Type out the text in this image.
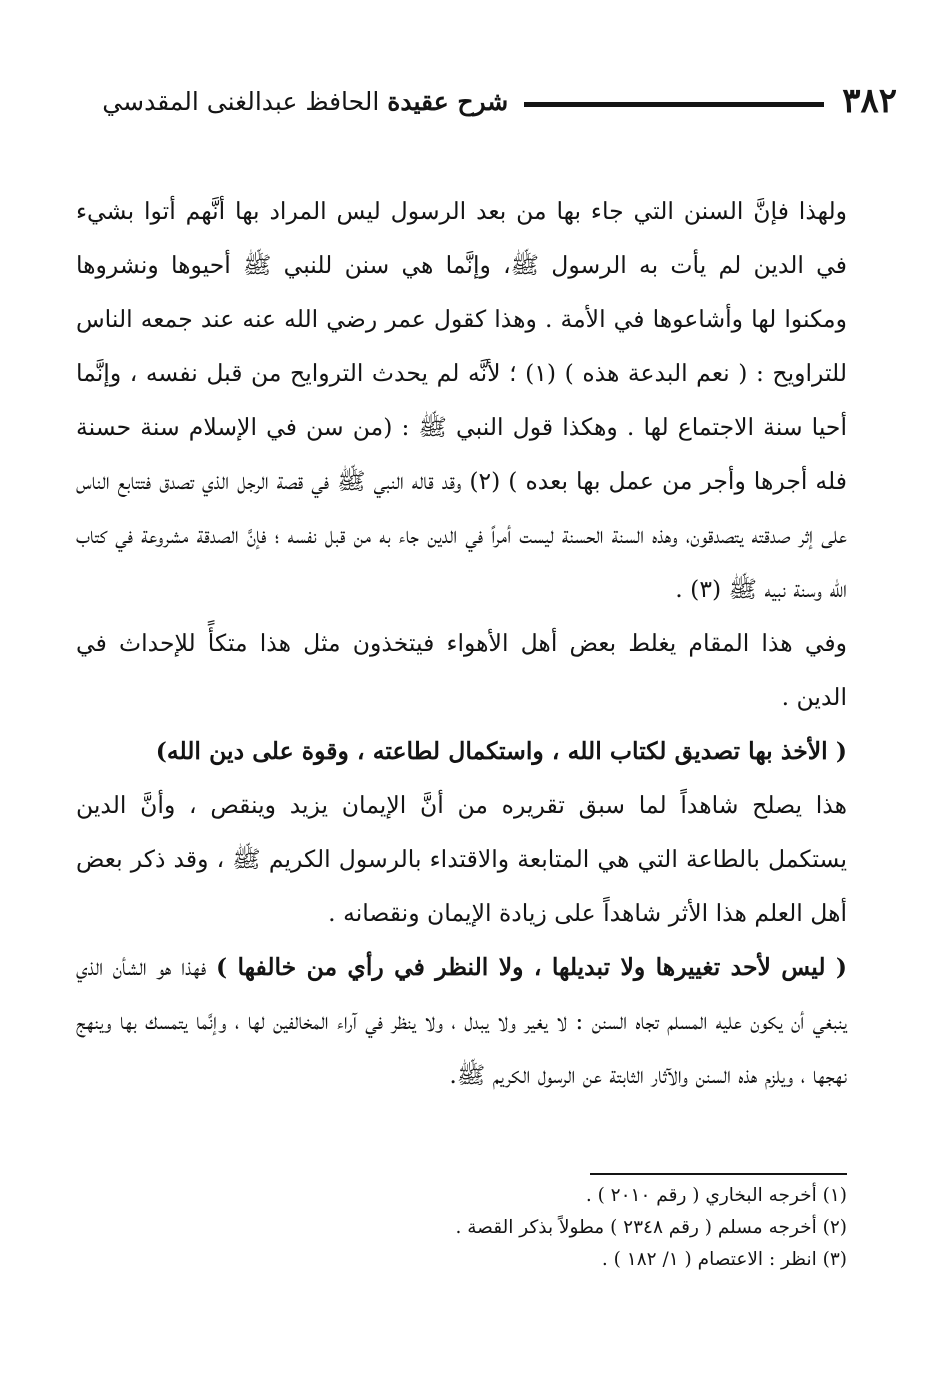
٣٨٢
شرح عقيدة الحافظ عبدالغنى المقدسي

ولهذا فإنَّ السنن التي جاء بها من بعد الرسول ليس المراد بها أنَّهم أتوا بشيء في الدين لم يأت به الرسول ﷺ، وإنَّما هي سنن للنبي ﷺ أحيوها ونشروها ومكنوا لها وأشاعوها في الأمة . وهذا كقول عمر رضي الله عنه عند جمعه الناس للتراويح : ( نعم البدعة هذه ) (١) ؛ لأنَّه لم يحدث التروايح من قبل نفسه ، وإنَّما أحيا سنة الاجتماع لها . وهكذا قول النبي ﷺ : (من سن في الإسلام سنة حسنة فله أجرها وأجر من عمل بها بعده ) (٢) وقد قاله النبي ﷺ في قصة الرجل الذي تصدق فتتابع الناس على إثر صدقته يتصدقون، وهذه السنة الحسنة ليست أمراً في الدين جاء به من قبل نفسه ؛ فإنَّ الصدقة مشروعة في كتاب الله وسنة نبيه ﷺ (٣) .

وفي هذا المقام يغلط بعض أهل الأهواء فيتخذون مثل هذا متكأً للإحداث في الدين .

( الأخذ بها تصديق لكتاب الله ، واستكمال لطاعته ، وقوة على دين الله)

هذا يصلح شاهداً لما سبق تقريره من أنَّ الإيمان يزيد وينقص ، وأنَّ الدين يستكمل بالطاعة التي هي المتابعة والاقتداء بالرسول الكريم ﷺ ، وقد ذكر بعض أهل العلم هذا الأثر شاهداً على زيادة الإيمان ونقصانه .

( ليس لأحد تغييرها ولا تبديلها ، ولا النظر في رأي من خالفها ) فهذا هو الشأن الذي ينبغي أن يكون عليه المسلم تجاه السنن : لا يغير ولا يبدل ، ولا ينظر في آراء المخالفين لها ، وإنَّما يتمسك بها وينهج نهجها ، ويلزم هذه السنن والآثار الثابتة عن الرسول الكريم ﷺ.

(١) أخرجه البخاري ( رقم ٢٠١٠ ) .

(٢) أخرجه مسلم ( رقم ٢٣٤٨ ) مطولاً بذكر القصة .

(٣) انظر : الاعتصام ( ١/ ١٨٢ ) .
